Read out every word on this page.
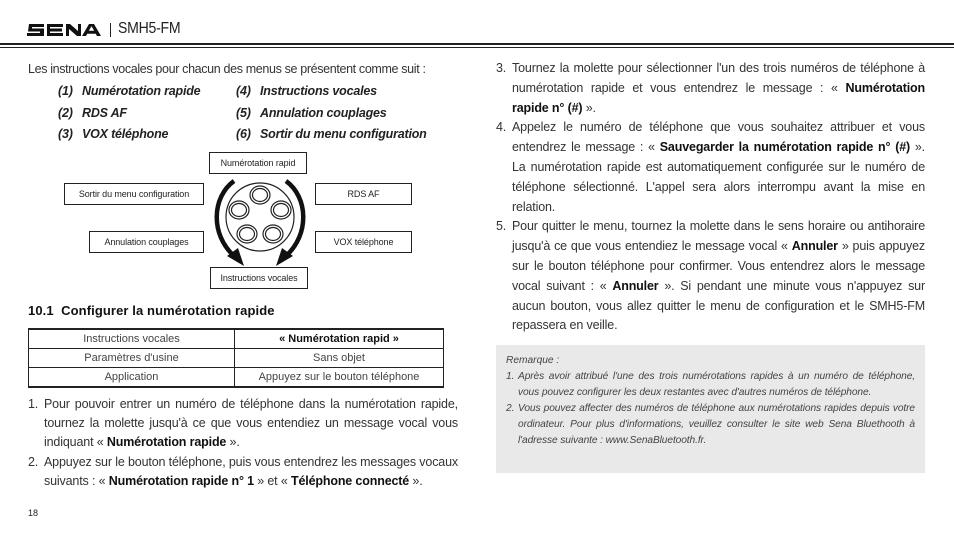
SMH5-FM
Les instructions vocales pour chacun des menus se présentent comme suit :
(1) Numérotation rapide
(2) RDS AF
(3) VOX téléphone
(4) Instructions vocales
(5) Annulation couplages
(6) Sortir du menu configuration
Numérotation rapid
Sortir du menu configuration
Annulation couplages
RDS AF
VOX téléphone
Instructions vocales
10.1  Configurer la numérotation rapide
Instructions vocales	« Numérotation rapid »
Paramètres d'usine	Sans objet
Application	Appuyez sur le bouton téléphone
1. Pour pouvoir entrer un numéro de téléphone dans la numérotation rapide, tournez la molette jusqu'à ce que vous entendiez un message vocal vous indiquant « Numérotation rapide ».
2. Appuyez sur le bouton téléphone, puis vous entendrez les messages vocaux suivants : « Numérotation rapide n° 1 » et « Téléphone connecté ».
18
3. Tournez la molette pour sélectionner l'un des trois numéros de téléphone à numérotation rapide et vous entendrez le message : « Numérotation rapide n° (#) ».
4. Appelez le numéro de téléphone que vous souhaitez attribuer et vous entendrez le message : « Sauvegarder la numérotation rapide n° (#) ». La numérotation rapide est automatiquement configurée sur le numéro de téléphone sélectionné. L'appel sera alors interrompu avant la mise en relation.
5. Pour quitter le menu, tournez la molette dans le sens horaire ou antihoraire jusqu'à ce que vous entendiez le message vocal « Annuler » puis appuyez sur le bouton téléphone pour confirmer. Vous entendrez alors le message vocal suivant : « Annuler ». Si pendant une minute vous n'appuyez sur aucun bouton, vous allez quitter le menu de configuration et le SMH5-FM repassera en veille.
Remarque :
1. Après avoir attribué l'une des trois numérotations rapides à un numéro de téléphone, vous pouvez configurer les deux restantes avec d'autres numéros de téléphone.
2. Vous pouvez affecter des numéros de téléphone aux numérotations rapides depuis votre ordinateur. Pour plus d'informations, veuillez consulter le site web Sena Bluethooth à l'adresse suivante : www.SenaBluetooth.fr.
